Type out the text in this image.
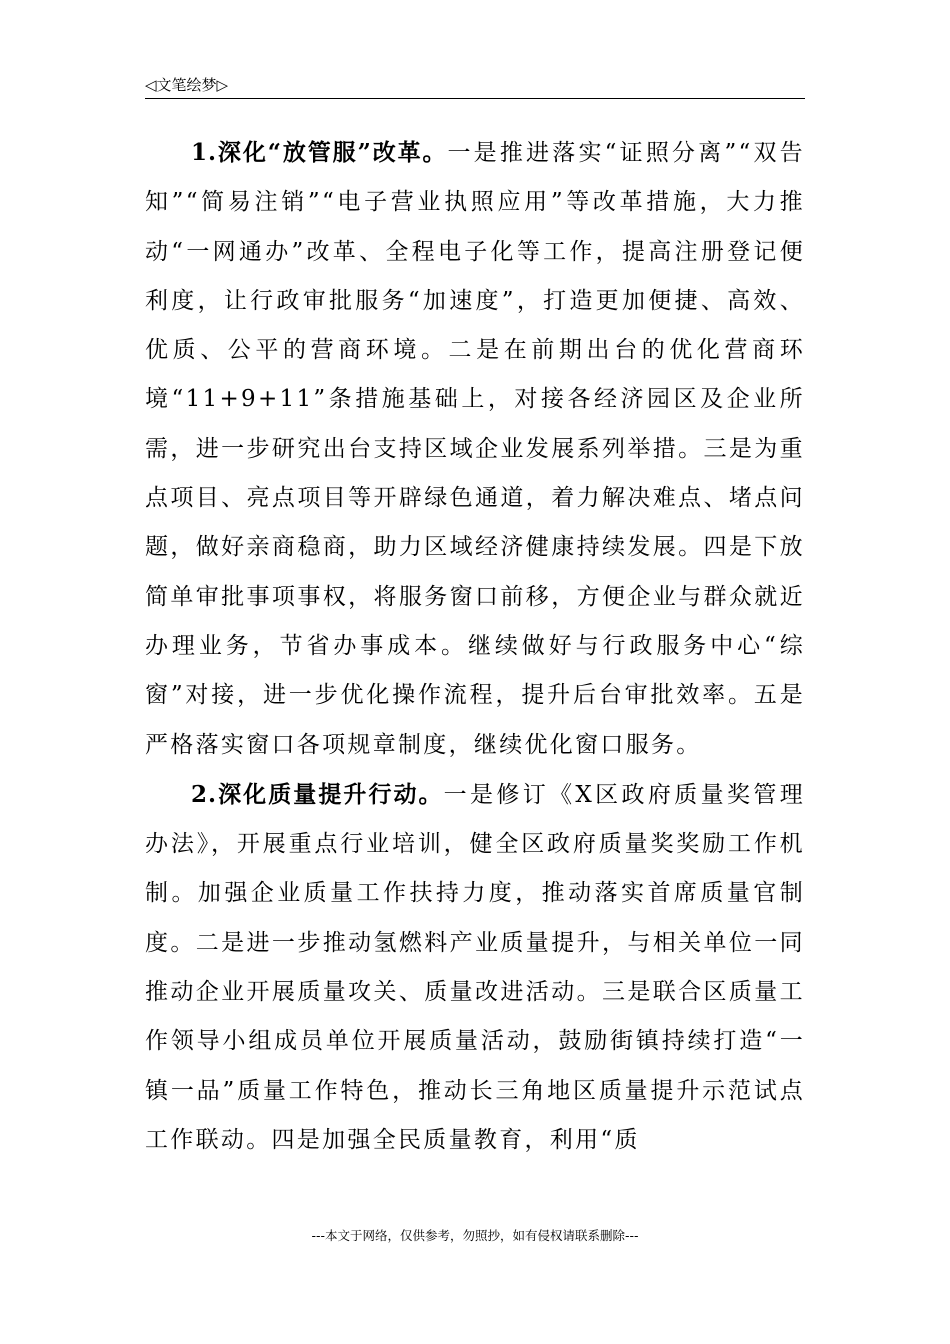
◁文笔绘梦▷

1.深化“放管服”改革。一是推进落实“证照分离”“双告知”“简易注销”“电子营业执照应用”等改革措施，大力推动“一网通办”改革、全程电子化等工作，提高注册登记便利度，让行政审批服务“加速度”，打造更加便捷、高效、优质、公平的营商环境。二是在前期出台的优化营商环境“11+9+11”条措施基础上，对接各经济园区及企业所需，进一步研究出台支持区域企业发展系列举措。三是为重点项目、亮点项目等开辟绿色通道，着力解决难点、堵点问题，做好亲商稳商，助力区域经济健康持续发展。四是下放简单审批事项事权，将服务窗口前移，方便企业与群众就近办理业务，节省办事成本。继续做好与行政服务中心“综窗”对接，进一步优化操作流程，提升后台审批效率。五是严格落实窗口各项规章制度，继续优化窗口服务。

2.深化质量提升行动。一是修订《X区政府质量奖管理办法》，开展重点行业培训，健全区政府质量奖奖励工作机制。加强企业质量工作扶持力度，推动落实首席质量官制度。二是进一步推动氢燃料产业质量提升，与相关单位一同推动企业开展质量攻关、质量改进活动。三是联合区质量工作领导小组成员单位开展质量活动，鼓励街镇持续打造“一镇一品”质量工作特色，推动长三角地区质量提升示范试点工作联动。四是加强全民质量教育，利用“质

---本文于网络，仅供参考，勿照抄，如有侵权请联系删除---
